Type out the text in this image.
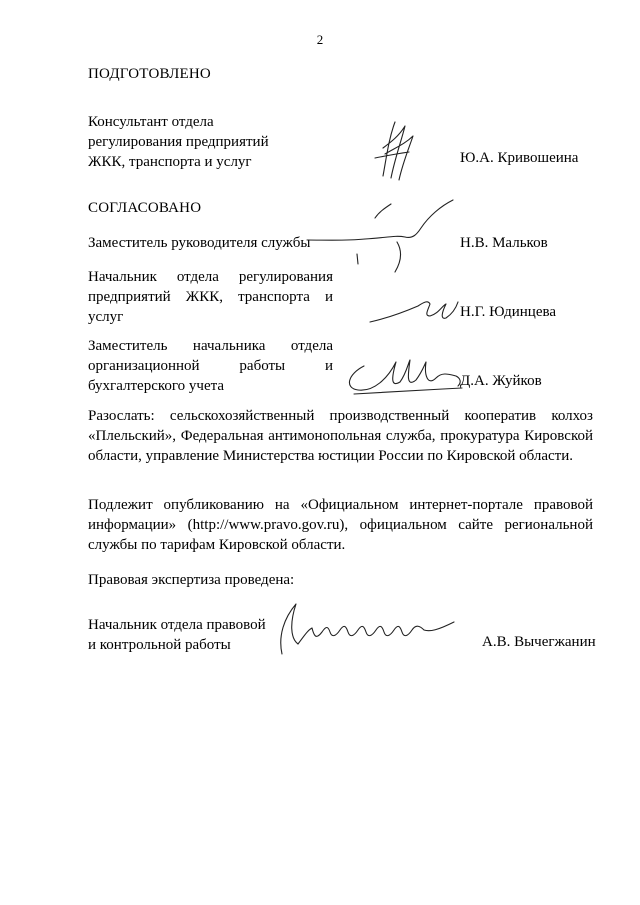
2
ПОДГОТОВЛЕНО
Консультант отдела
регулирования предприятий
ЖКК, транспорта и услуг	Ю.А. Кривошеина
СОГЛАСОВАНО
Заместитель руководителя службы	Н.В. Мальков
Начальник отдела регулирования
предприятий ЖКК, транспорта и
услуг	Н.Г. Юдинцева
Заместитель начальника отдела
организационной работы и
бухгалтерского учета	Д.А. Жуйков

Разослать: сельскохозяйственный производственный кооператив колхоз «Плельский», Федеральная антимонопольная служба, прокуратура Кировской области, управление Министерства юстиции России по Кировской области.

Подлежит опубликованию на «Официальном интернет-портале правовой информации» (http://www.pravo.gov.ru), официальном сайте региональной службы по тарифам Кировской области.

Правовая экспертиза проведена:
Начальник отдела правовой
и контрольной работы	А.В. Вычегжанин
